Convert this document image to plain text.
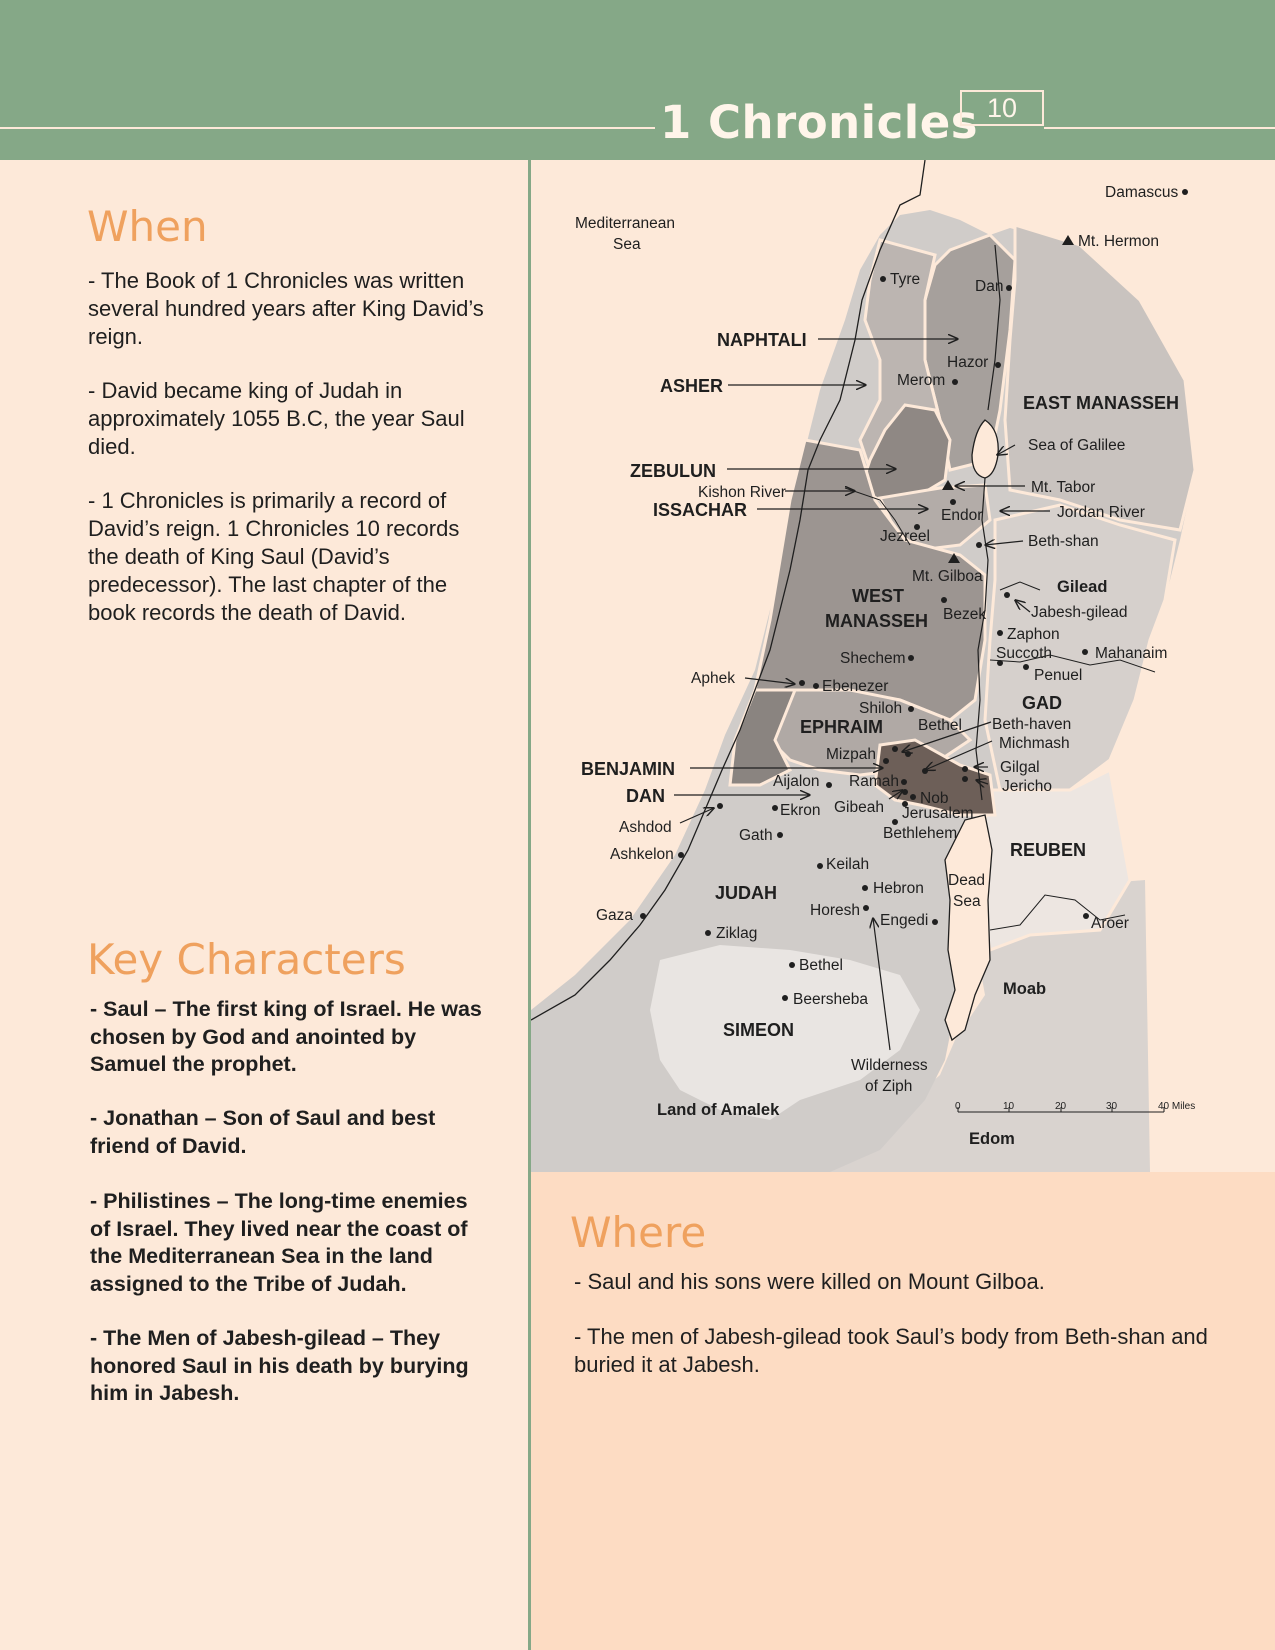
1 Chronicles 10
When

- The Book of 1 Chronicles was written several hundred years after King David’s reign.

- David became king of Judah in approximately 1055 B.C, the year Saul died.

- 1 Chronicles is primarily a record of David’s reign. 1 Chronicles 10 records the death of King Saul (David’s predecessor). The last chapter of the book records the death of David.

Key Characters

- Saul – The first king of Israel. He was chosen by God and anointed by Samuel the prophet.

- Jonathan – Son of Saul and best friend of David.

- Philistines – The long-time enemies of Israel. They lived near the coast of the Mediterranean Sea in the land assigned to the Tribe of Judah.

- The Men of Jabesh-gilead – They honored Saul in his death by burying him in Jabesh.

Where

- Saul and his sons were killed on Mount Gilboa.

- The men of Jabesh-gilead took Saul’s body from Beth-shan and buried it at Jabesh.

Mediterranean
Sea
Sea of Galilee
Jordan River
Kishon River
Dead
Sea
NAPHTALI
ASHER
ZEBULUN
ISSACHAR
WEST
MANASSEH
EAST MANASSEH
EPHRAIM
BENJAMIN
DAN
JUDAH
SIMEON
GAD
REUBEN
Gilead
Moab
Land of Amalek
Edom
Damascus
Mt. Hermon
Tyre	Dan
Hazor
Merom
Mt. Tabor
Endor
Jezreel	Beth-shan
Mt. Gilboa
Jabesh-gilead
Bezek
Zaphon
Succoth	Mahanaim
Penuel
Shechem
Aphek	Ebenezer
Shiloh
Bethel Beth-haven
Michmash
Mizpah
Gilgal
Jericho
Aijalon Ramah
Nob
Ekron Gibeah Jerusalem
Ashdod	Bethlehem
Gath
Ashkelon
Keilah
Hebron
Horesh
Engedi
Gaza	Aroer
Ziklag
Bethel
Beersheba
Wilderness
of Ziph
0	10	20	30	40 Miles
